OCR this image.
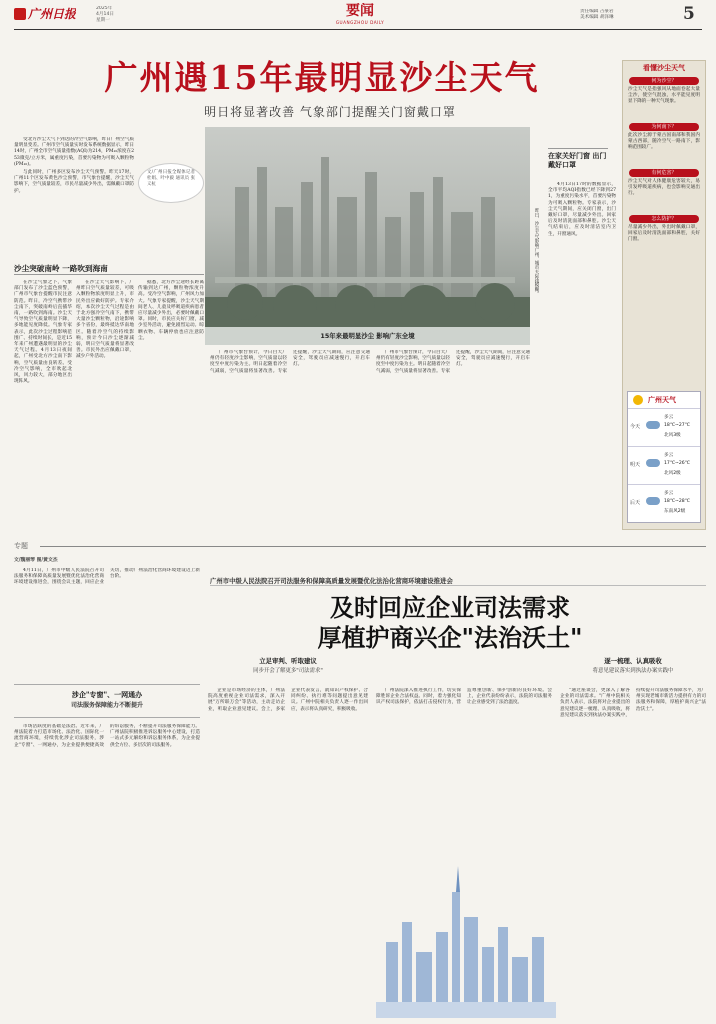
广州日报	2025年
4月14日
星期一
要闻
GUANGZHOU DAILY
责任编辑 占豪岩
美术编辑 胡泽琳	5
广州遇15年最明显沙尘天气
明日将显著改善 气象部门提醒关门窗戴口罩

受北方沙尘天气下到达的冷空气影响，昨日广州空气质量明显变差。广州市空气质量实时发布系统数据显示，昨日14时，广州全市空气质量指数(AQI)为214，PM₁₀浓度在253微克/立方米，属重度污染，首要污染物为可吸入颗粒物(PM₁₀)。

与此同时，广州多区发布沙尘天气预警。昨天17时，广州11个区发布黄色沙尘预警，市气象台提醒，沙尘天气影响下，空气质量较差，市民尽量减少外出，需佩戴口罩防护。

文/广州日报全媒体记者 杜娟、叶中毅 通讯员 张义杭
15年来最明显沙尘 影响广东全境
昨日，沙尘天气影响广州，城市天际线模糊。
沙尘突破南岭 一路吹到海南
在家关好门窗 出门戴好口罩
在沙尘气象之下，气象部门发布了沙尘蓝色预警，广州市气象台提醒市民注意防范。昨日，冷空气携带沙尘南下，突破南岭后直插华南，一路吹到海南。沙尘天气导致空气质量明显下降，多地能见度降低。气象专家表示，此次沙尘过程影响范围广、持续时间长，是近15年来广州遭遇最明显的沙尘天气过程。4月13日夜间起，广州受北方沙尘南下影响，空气质量由良转差。受冷空气影响，全市吹起北风，风力较大，部分地区出现阵风。
在沙尘天气影响下，广州昨日空气质量较差，可吸入颗粒物浓度明显上升，市民外出应做好防护。专家介绍，本次沙尘天气过程是由于北方强冷空气南下，携带大量沙尘颗粒物，沿途影响多个省份，最终抵达华南地区。随着冷空气的持续影响，预计今日沙尘逐渐减弱，明日空气质量将显著改善。市民外出应佩戴口罩，减少户外活动。
据悉，北方沙尘途经长距离传输到达广州，颗粒物浓度升高。受冷空气影响，广州风力加大。气象专家提醒，沙尘天气期间老人、儿童及呼吸道疾病患者应尽量减少外出，必要时佩戴口罩。同时，市民应关好门窗，减少室外活动，避免剧烈运动。晾晒衣物、车辆停放也应注意防尘。
广州市气象台预计，今日白天广州仍有轻度沙尘影响，空气质量以轻度至中度污染为主。明日起随着冷空气减弱，空气质量将显著改善。专家还提醒，沙尘天气期间，应注意交通安全，驾驶员应减速慢行，开启车灯。
广州市气象台预计，今日白天广州仍有轻度沙尘影响，空气质量以轻度至中度污染为主。明日起随着冷空气减弱，空气质量将显著改善。专家还提醒，沙尘天气期间，应注意交通安全，驾驶员应减速慢行，开启车灯。
4月13日17时的数据显示，全市平均AQI指数已经下降到271，为重度污染水平，首要污染物为可吸入颗粒物。专家表示，沙尘天气期间，应关闭门窗，出门戴好口罩，尽量减少外出。回家后及时清洗面部和鼻腔。沙尘天气结束后，应及时清洁室内卫生，开窗通风。
看懂沙尘天气
何为沙尘？
沙尘天气是指强风从地面卷起大量尘沙，使空气混浊，水平能见度明显下降的一种天气现象。
为何南下？
此次沙尘源于蒙古国南部和我国内蒙古西部，随冷空气一路南下，影响范围较广。
有何危害？
沙尘天气对人体健康危害较大，易引发呼吸道疾病，也会影响交通出行。
怎么防护？
尽量减少外出，外出时佩戴口罩，回家后及时清洗面部和鼻腔，关好门窗。
广州天气
今天
多云
18℃~27℃
北风3级
明天
多云
17℃~26℃
北风2级
后天
多云
18℃~28℃
东南风2级
专题
文/魏丽琴 图/黄文杰
广州市中级人民法院召开司法服务和保障高质量发展暨优化法治化营商环境建设推进会
及时回应企业司法需求
厚植护商兴企"法治沃土"
4月11日，广州市中级人民法院召开司法服务和保障高质量发展暨优化法治化营商环境建设推进会，围绕会议主题，回应企业关切，推动广州法治化营商环境建设迈上新台阶。
涉企"专窗"、一网通办
司法服务保障能力不断提升
立足审判、听取建议
同步开会了解更多"司法需求"
逐一梳理、认真吸收
将意见建议落实到执法办案实践中
市场活跃度的基础是法治。近年来，广州法院着力打造市场化、法治化、国际化一流营商环境，持续优化涉企司法服务，涉企"专窗"、一网通办，为企业提供便捷高效的诉讼服务，不断提升司法服务保障能力。广州法院积极推进诉讼服务中心建设，打造一站式多元解纷和诉讼服务体系，为企业提供全方位、多层次的司法服务。
企业是市场经济的主体，广州法院高度重视企业司法需求，深入开展"万所联万会"等活动，主动走访企业，听取企业意见建议。会上，多家企业代表发言，就知识产权保护、合同纠纷、执行难等问题提出意见建议。广州中院相关负责人逐一作出回应，表示将认真研究，积极吸收。
广州法院深入推进执行工作，切实保障胜诉企业合法权益。同时，着力强化知识产权司法保护，依法打击侵权行为，营造尊重创新、保护创新的良好环境。会上，企业代表纷纷表示，法院的司法服务让企业感受到了法治温度。
"通过座谈会，更深入了解各企业的司法需求。"广州中院相关负责人表示，法院将对企业提出的意见建议逐一梳理、认真吸收，将意见建议落实到执法办案实践中，持续提升司法服务保障水平，为广州实现老城市新活力提供有力的司法服务和保障，厚植护商兴企"法治沃土"。
